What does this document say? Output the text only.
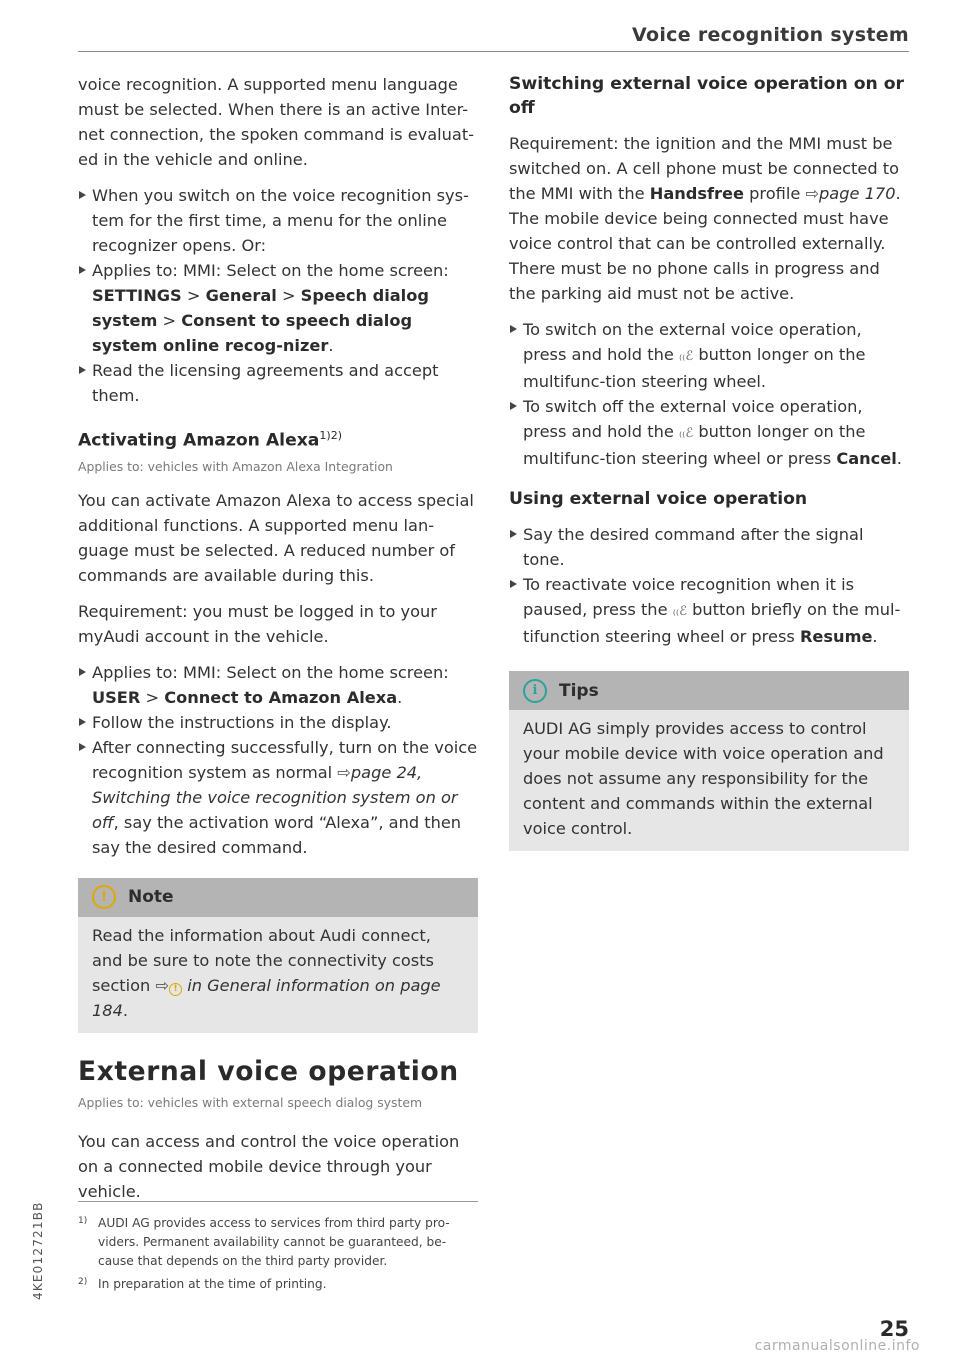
Voice recognition system

voice recognition. A supported menu language must be selected. When there is an active Inter-net connection, the spoken command is evaluat-ed in the vehicle and online.

When you switch on the voice recognition sys-tem for the first time, a menu for the online recognizer opens. Or:
Applies to: MMI: Select on the home screen: SETTINGS > General > Speech dialog system > Consent to speech dialog system online recog-nizer.
Read the licensing agreements and accept them.
Activating Amazon Alexa$^{1)2)}$
Applies to: vehicles with Amazon Alexa Integration

You can activate Amazon Alexa to access special additional functions. A supported menu lan-guage must be selected. A reduced number of commands are available during this.

Requirement: you must be logged in to your myAudi account in the vehicle.

Applies to: MMI: Select on the home screen: USER > Connect to Amazon Alexa.
Follow the instructions in the display.
After connecting successfully, turn on the voice recognition system as normal ⇨page 24, Switching the voice recognition system on or off, say the activation word “Alexa”, and then say the desired command.
!	Note

Read the information about Audi connect, and be sure to note the connectivity costs section ⇨ ! in General information on page 184.

External voice operation
Applies to: vehicles with external speech dialog system

You can access and control the voice operation on a connected mobile device through your vehicle.

Switching external voice operation on or off

Requirement: the ignition and the MMI must be switched on. A cell phone must be connected to the MMI with the Handsfree profile ⇨page 170. The mobile device being connected must have voice control that can be controlled externally. There must be no phone calls in progress and the parking aid must not be active.

To switch on the external voice operation, press and hold the ₍₍ℰ button longer on the multifunc-tion steering wheel.
To switch off the external voice operation, press and hold the ₍₍ℰ button longer on the multifunc-tion steering wheel or press Cancel.
Using external voice operation
Say the desired command after the signal tone.
To reactivate voice recognition when it is paused, press the ₍₍ℰ button briefly on the mul-tifunction steering wheel or press Resume.
i	Tips

AUDI AG simply provides access to control your mobile device with voice operation and does not assume any responsibility for the content and commands within the external voice control.

1) AUDI AG provides access to services from third party pro-viders. Permanent availability cannot be guaranteed, be-cause that depends on the third party provider.
2) In preparation at the time of printing.
4KE012721BB
25
carmanualsonline.info
